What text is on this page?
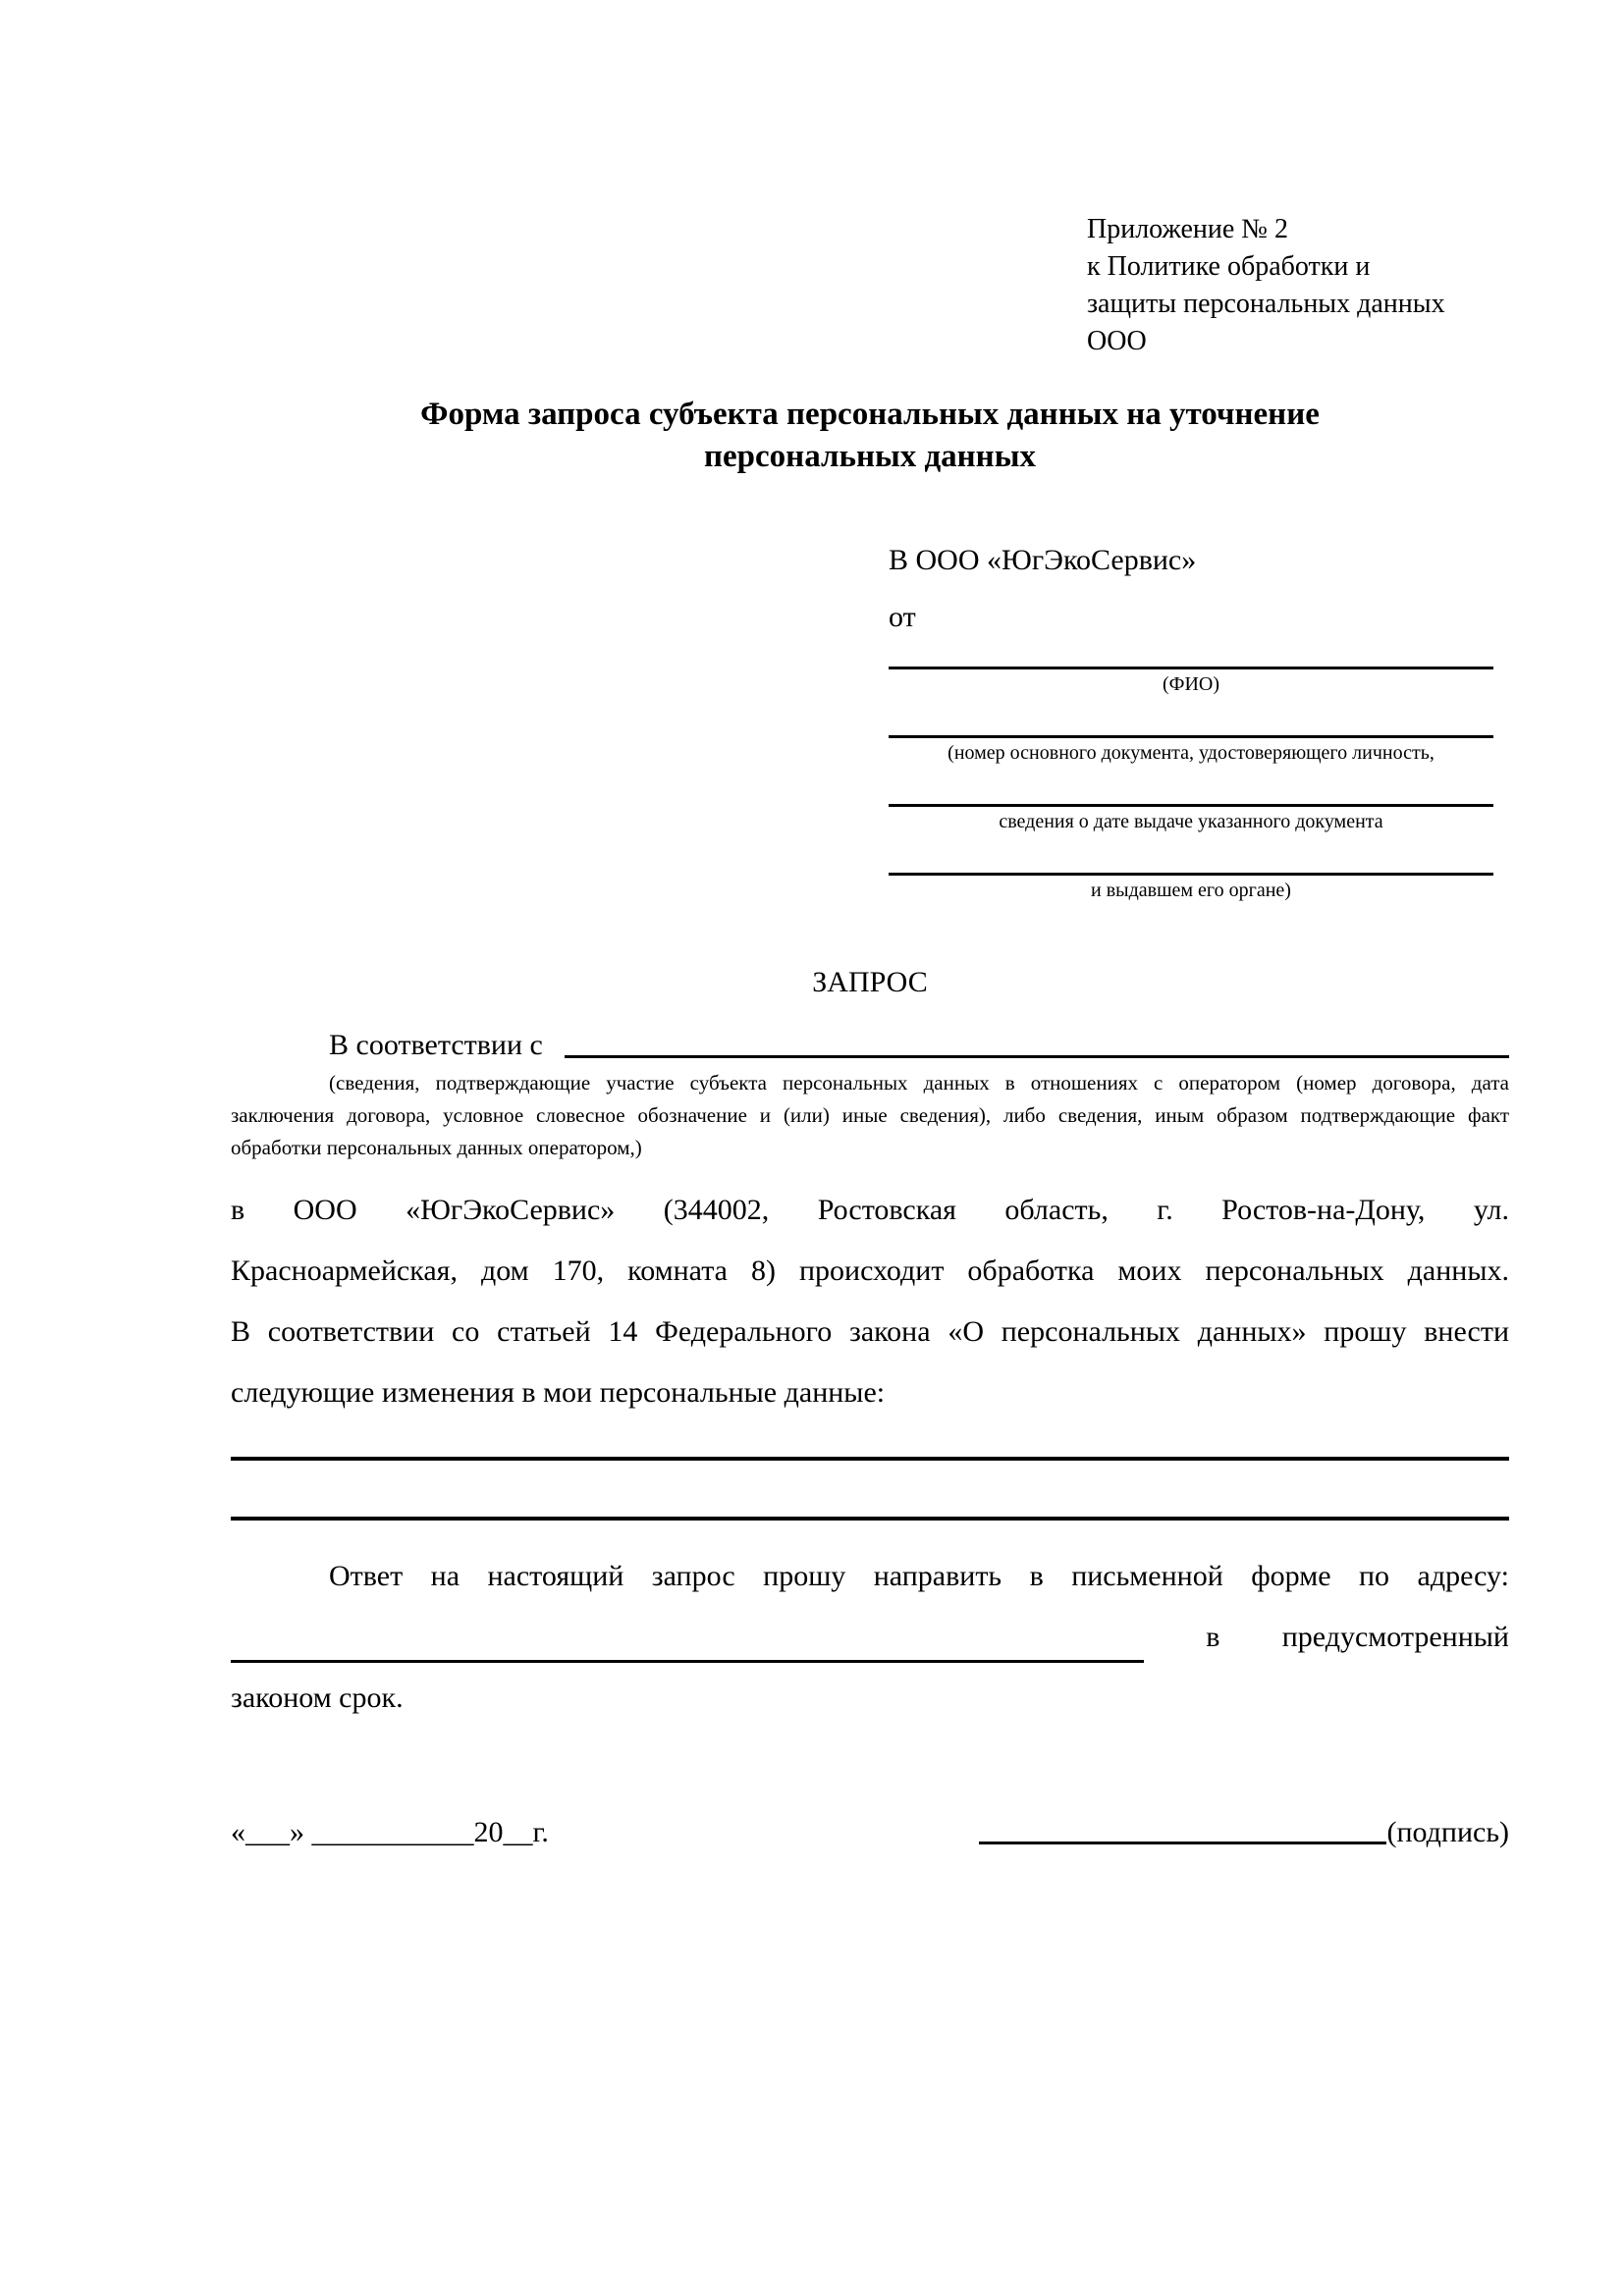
Приложение № 2
к Политике обработки и
защиты персональных данных
ООО
Форма запроса субъекта персональных данных на уточнение
персональных данных
В ООО «ЮгЭкоСервис»
от
(ФИО)
(номер основного документа, удостоверяющего личность,
сведения о дате выдаче указанного документа
и выдавшем его органе)
ЗАПРОС
В соответствии с
(сведения, подтверждающие участие субъекта персональных данных в отношениях с оператором (номер договора, дата
заключения договора, условное словесное обозначение и (или) иные сведения), либо сведения, иным образом подтверждающие факт
обработки персональных данных оператором,)
в ООО «ЮгЭкоСервис» (344002, Ростовская область, г. Ростов-на-Дону, ул.
Красноармейская, дом 170, комната 8) происходит обработка моих персональных данных.
В соответствии со статьей 14 Федерального закона «О персональных данных» прошу внести
следующие изменения в мои персональные данные:
Ответ на настоящий запрос прошу направить в письменной форме по адресу:
в предусмотренный
законом срок.
«___» ___________20__г.	(подпись)
